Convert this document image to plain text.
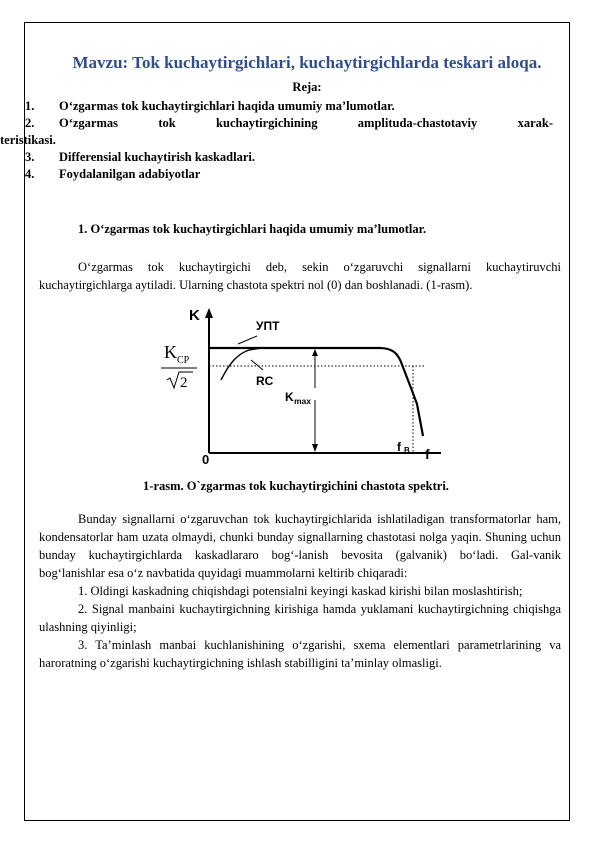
Mavzu: Tok kuchaytirgichlari, kuchaytirgichlarda teskari aloqa.
Reja:
1. O‘zgarmas tok kuchaytirgichlari haqida umumiy ma’lumotlar.
2. O‘zgarmas tok kuchaytirgichining amplituda-chastotaviy xarak-
teristikasi.
3. Differensial kuchaytirish kaskadlari.
4. Foydalanilgan adabiyotlar
1. O‘zgarmas tok kuchaytirgichlari haqida umumiy ma’lumotlar.

O‘zgarmas tok kuchaytirgichi deb, sekin o‘zgaruvchi signallarni kuchaytiruvchi kuchaytirgichlarga aytiladi. Ularning chastota spektri nol (0) dan boshlanadi. (1-rasm).

K
f
0
УПТ
RC
K max
f B
K CP
2
1-rasm. O`zgarmas tok kuchaytirgichini chastota spektri.

Bunday signallarni o‘zgaruvchan tok kuchaytirgichlarida ishlatiladigan transformatorlar ham, kondensatorlar ham uzata olmaydi, chunki bunday signallarning chastotasi nolga yaqin. Shuning uchun bunday kuchaytirgichlarda kaskadlararo bog‘-lanish bevosita (galvanik) bo‘ladi. Gal-vanik bog‘lanishlar esa o‘z navbatida quyidagi muammolarni keltirib chiqaradi:

1. Oldingi kaskadning chiqishdagi potensialni keyingi kaskad kirishi bilan moslashtirish;

2. Signal manbaini kuchaytirgichning kirishiga hamda yuklamani kuchaytirgichning chiqishga ulashning qiyinligi;

3. Ta’minlash manbai kuchlanishining o‘zgarishi, sxema elementlari parametrlarining va haroratning o‘zgarishi kuchaytirgichning ishlash stabilligini ta’minlay olmasligi.
